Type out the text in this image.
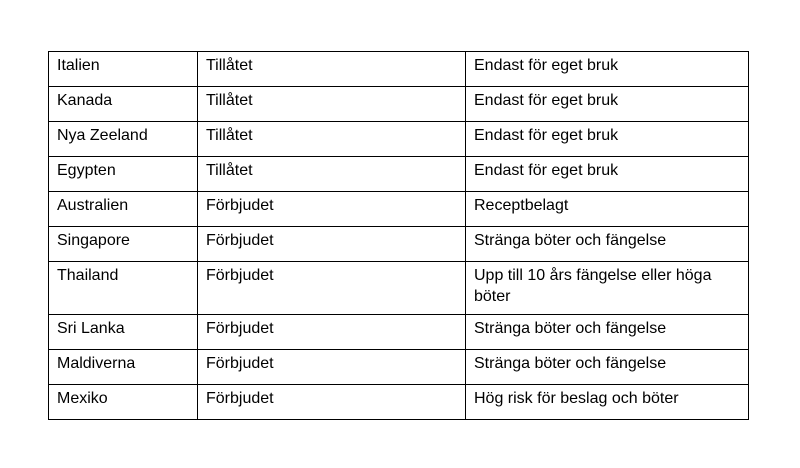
Italien	Tillåtet	Endast för eget bruk
Kanada	Tillåtet	Endast för eget bruk
Nya Zeeland	Tillåtet	Endast för eget bruk
Egypten	Tillåtet	Endast för eget bruk
Australien	Förbjudet	Receptbelagt
Singapore	Förbjudet	Stränga böter och fängelse
Thailand	Förbjudet	Upp till 10 års fängelse eller höga böter
Sri Lanka	Förbjudet	Stränga böter och fängelse
Maldiverna	Förbjudet	Stränga böter och fängelse
Mexiko	Förbjudet	Hög risk för beslag och böter
